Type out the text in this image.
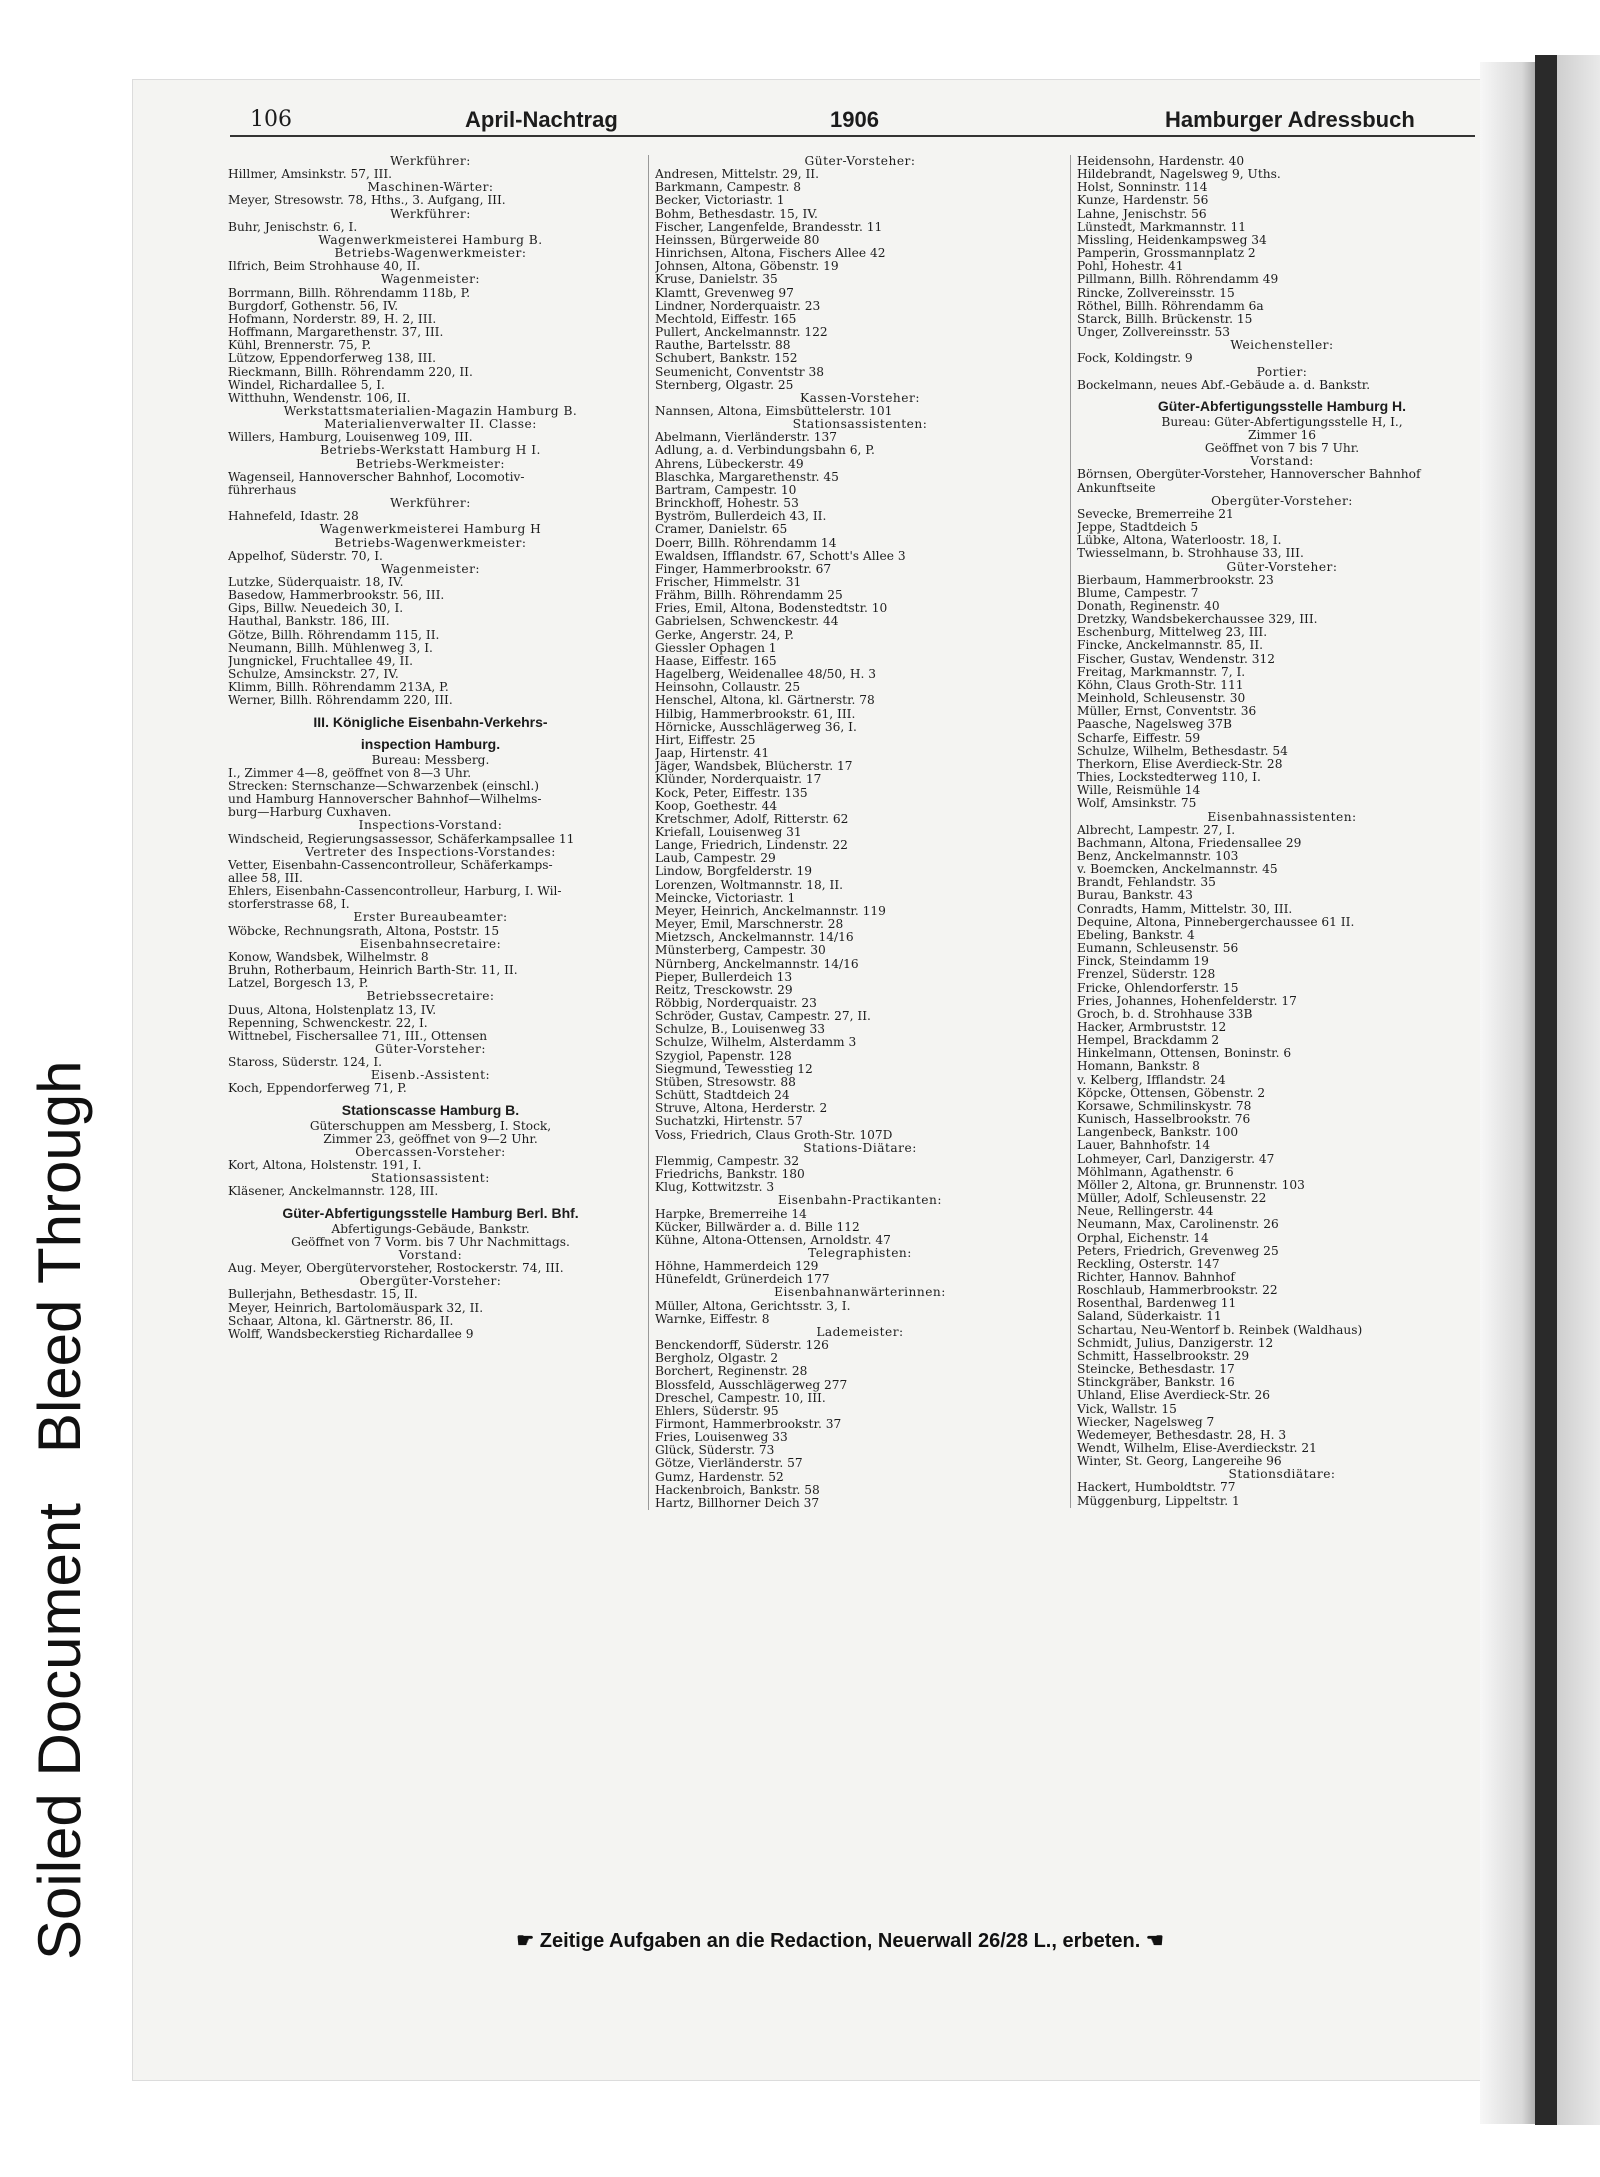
Soiled DocumentBleed Through
106	April-Nachtrag	1906	Hamburger Adressbuch
Werkführer:
Hillmer, Amsinkstr. 57, III.
Maschinen-Wärter:
Meyer, Stresowstr. 78, Hths., 3. Aufgang, III.
Werkführer:
Buhr, Jenischstr. 6, I.
Wagenwerkmeisterei Hamburg B.
Betriebs-Wagenwerkmeister:
Ilfrich, Beim Strohhause 40, II.
Wagenmeister:
Borrmann, Billh. Röhrendamm 118b, P.
Burgdorf, Gothenstr. 56, IV.
Hofmann, Norderstr. 89, H. 2, III.
Hoffmann, Margarethenstr. 37, III.
Kühl, Brennerstr. 75, P.
Lützow, Eppendorferweg 138, III.
Rieckmann, Billh. Röhrendamm 220, II.
Windel, Richardallee 5, I.
Witthuhn, Wendenstr. 106, II.
Werkstattsmaterialien-Magazin Hamburg B.
Materialienverwalter II. Classe:
Willers, Hamburg, Louisenweg 109, III.
Betriebs-Werkstatt Hamburg H I.
Betriebs-Werkmeister:
Wagenseil, Hannoverscher Bahnhof, Locomotiv-
führerhaus
Werkführer:
Hahnefeld, Idastr. 28
Wagenwerkmeisterei Hamburg H
Betriebs-Wagenwerkmeister:
Appelhof, Süderstr. 70, I.
Wagenmeister:
Lutzke, Süderquaistr. 18, IV.
Basedow, Hammerbrookstr. 56, III.
Gips, Billw. Neuedeich 30, I.
Hauthal, Bankstr. 186, III.
Götze, Billh. Röhrendamm 115, II.
Neumann, Billh. Mühlenweg 3, I.
Jungnickel, Fruchtallee 49, II.
Schulze, Amsinckstr. 27, IV.
Klimm, Billh. Röhrendamm 213A, P.
Werner, Billh. Röhrendamm 220, III.
III. Königliche Eisenbahn-Verkehrs-
inspection Hamburg.
Bureau: Messberg.
I., Zimmer 4—8, geöffnet von 8—3 Uhr.
Strecken: Sternschanze—Schwarzenbek (einschl.)
und Hamburg Hannoverscher Bahnhof—Wilhelms-
burg—Harburg Cuxhaven.
Inspections-Vorstand:
Windscheid, Regierungsassessor, Schäferkampsallee 11
Vertreter des Inspections-Vorstandes:
Vetter, Eisenbahn-Cassencontrolleur, Schäferkamps-
allee 58, III.
Ehlers, Eisenbahn-Cassencontrolleur, Harburg, I. Wil-
storferstrasse 68, I.
Erster Bureaubeamter:
Wöbcke, Rechnungsrath, Altona, Poststr. 15
Eisenbahnsecretaire:
Konow, Wandsbek, Wilhelmstr. 8
Bruhn, Rotherbaum, Heinrich Barth-Str. 11, II.
Latzel, Borgesch 13, P.
Betriebssecretaire:
Duus, Altona, Holstenplatz 13, IV.
Repenning, Schwenckestr. 22, I.
Wittnebel, Fischersallee 71, III., Ottensen
Güter-Vorsteher:
Staross, Süderstr. 124, I.
Eisenb.-Assistent:
Koch, Eppendorferweg 71, P.
Stationscasse Hamburg B.
Güterschuppen am Messberg, I. Stock,
Zimmer 23, geöffnet von 9—2 Uhr.
Obercassen-Vorsteher:
Kort, Altona, Holstenstr. 191, I.
Stationsassistent:
Kläsener, Anckelmannstr. 128, III.
Güter-Abfertigungsstelle Hamburg Berl. Bhf.
Abfertigungs-Gebäude, Bankstr.
Geöffnet von 7 Vorm. bis 7 Uhr Nachmittags.
Vorstand:
Aug. Meyer, Obergütervorsteher, Rostockerstr. 74, III.
Obergüter-Vorsteher:
Bullerjahn, Bethesdastr. 15, II.
Meyer, Heinrich, Bartolomäuspark 32, II.
Schaar, Altona, kl. Gärtnerstr. 86, II.
Wolff, Wandsbeckerstieg Richardallee 9
Güter-Vorsteher:
Andresen, Mittelstr. 29, II.
Barkmann, Campestr. 8
Becker, Victoriastr. 1
Bohm, Bethesdastr. 15, IV.
Fischer, Langenfelde, Brandesstr. 11
Heinssen, Bürgerweide 80
Hinrichsen, Altona, Fischers Allee 42
Johnsen, Altona, Göbenstr. 19
Kruse, Danielstr. 35
Klamtt, Grevenweg 97
Lindner, Norderquaistr. 23
Mechtold, Eiffestr. 165
Pullert, Anckelmannstr. 122
Rauthe, Bartelsstr. 88
Schubert, Bankstr. 152
Seumenicht, Conventstr 38
Sternberg, Olgastr. 25
Kassen-Vorsteher:
Nannsen, Altona, Eimsbüttelerstr. 101
Stationsassistenten:
Abelmann, Vierländerstr. 137
Adlung, a. d. Verbindungsbahn 6, P.
Ahrens, Lübeckerstr. 49
Blaschka, Margarethenstr. 45
Bartram, Campestr. 10
Brinckhoff, Hohestr. 53
Byström, Bullerdeich 43, II.
Cramer, Danielstr. 65
Doerr, Billh. Röhrendamm 14
Ewaldsen, Ifflandstr. 67, Schott's Allee 3
Finger, Hammerbrookstr. 67
Frischer, Himmelstr. 31
Frähm, Billh. Röhrendamm 25
Fries, Emil, Altona, Bodenstedtstr. 10
Gabrielsen, Schwenckestr. 44
Gerke, Angerstr. 24, P.
Giessler Ophagen 1
Haase, Eiffestr. 165
Hagelberg, Weidenallee 48/50, H. 3
Heinsohn, Collaustr. 25
Henschel, Altona, kl. Gärtnerstr. 78
Hilbig, Hammerbrookstr. 61, III.
Hörnicke, Ausschlägerweg 36, I.
Hirt, Eiffestr. 25
Jaap, Hirtenstr. 41
Jäger, Wandsbek, Blücherstr. 17
Klünder, Norderquaistr. 17
Kock, Peter, Eiffestr. 135
Koop, Goethestr. 44
Kretschmer, Adolf, Ritterstr. 62
Kriefall, Louisenweg 31
Lange, Friedrich, Lindenstr. 22
Laub, Campestr. 29
Lindow, Borgfelderstr. 19
Lorenzen, Woltmannstr. 18, II.
Meincke, Victoriastr. 1
Meyer, Heinrich, Anckelmannstr. 119
Meyer, Emil, Marschnerstr. 28
Mietzsch, Anckelmannstr. 14/16
Münsterberg, Campestr. 30
Nürnberg, Anckelmannstr. 14/16
Pieper, Bullerdeich 13
Reitz, Tresckowstr. 29
Röbbig, Norderquaistr. 23
Schröder, Gustav, Campestr. 27, II.
Schulze, B., Louisenweg 33
Schulze, Wilhelm, Alsterdamm 3
Szygiol, Papenstr. 128
Siegmund, Tewesstieg 12
Stüben, Stresowstr. 88
Schütt, Stadtdeich 24
Struve, Altona, Herderstr. 2
Suchatzki, Hirtenstr. 57
Voss, Friedrich, Claus Groth-Str. 107D
Stations-Diätare:
Flemmig, Campestr. 32
Friedrichs, Bankstr. 180
Klug, Kottwitzstr. 3
Eisenbahn-Practikanten:
Harpke, Bremerreihe 14
Kücker, Billwärder a. d. Bille 112
Kühne, Altona-Ottensen, Arnoldstr. 47
Telegraphisten:
Höhne, Hammerdeich 129
Hünefeldt, Grünerdeich 177
Eisenbahnanwärterinnen:
Müller, Altona, Gerichtsstr. 3, I.
Warnke, Eiffestr. 8
Lademeister:
Benckendorff, Süderstr. 126
Bergholz, Olgastr. 2
Borchert, Reginenstr. 28
Blossfeld, Ausschlägerweg 277
Dreschel, Campestr. 10, III.
Ehlers, Süderstr. 95
Firmont, Hammerbrookstr. 37
Fries, Louisenweg 33
Glück, Süderstr. 73
Götze, Vierländerstr. 57
Gumz, Hardenstr. 52
Hackenbroich, Bankstr. 58
Hartz, Billhorner Deich 37
Heidensohn, Hardenstr. 40
Hildebrandt, Nagelsweg 9, Uths.
Holst, Sonninstr. 114
Kunze, Hardenstr. 56
Lahne, Jenischstr. 56
Lünstedt, Markmannstr. 11
Missling, Heidenkampsweg 34
Pamperin, Grossmannplatz 2
Pohl, Hohestr. 41
Pillmann, Billh. Röhrendamm 49
Rincke, Zollvereinsstr. 15
Röthel, Billh. Röhrendamm 6a
Starck, Billh. Brückenstr. 15
Unger, Zollvereinsstr. 53
Weichensteller:
Fock, Koldingstr. 9
Portier:
Bockelmann, neues Abf.-Gebäude a. d. Bankstr.
Güter-Abfertigungsstelle Hamburg H.
Bureau: Güter-Abfertigungsstelle H, I.,
Zimmer 16
Geöffnet von 7 bis 7 Uhr.
Vorstand:
Börnsen, Obergüter-Vorsteher, Hannoverscher Bahnhof
Ankunftseite
Obergüter-Vorsteher:
Sevecke, Bremerreihe 21
Jeppe, Stadtdeich 5
Lübke, Altona, Waterloostr. 18, I.
Twiesselmann, b. Strohhause 33, III.
Güter-Vorsteher:
Bierbaum, Hammerbrookstr. 23
Blume, Campestr. 7
Donath, Reginenstr. 40
Dretzky, Wandsbekerchaussee 329, III.
Eschenburg, Mittelweg 23, III.
Fincke, Anckelmannstr. 85, II.
Fischer, Gustav, Wendenstr. 312
Freitag, Markmannstr. 7, I.
Köhn, Claus Groth-Str. 111
Meinhold, Schleusenstr. 30
Müller, Ernst, Conventstr. 36
Paasche, Nagelsweg 37B
Scharfe, Eiffestr. 59
Schulze, Wilhelm, Bethesdastr. 54
Therkorn, Elise Averdieck-Str. 28
Thies, Lockstedterweg 110, I.
Wille, Reismühle 14
Wolf, Amsinkstr. 75
Eisenbahnassistenten:
Albrecht, Lampestr. 27, I.
Bachmann, Altona, Friedensallee 29
Benz, Anckelmannstr. 103
v. Boemcken, Anckelmannstr. 45
Brandt, Fehlandstr. 35
Burau, Bankstr. 43
Conradts, Hamm, Mittelstr. 30, III.
Dequine, Altona, Pinnebergerchaussee 61 II.
Ebeling, Bankstr. 4
Eumann, Schleusenstr. 56
Finck, Steindamm 19
Frenzel, Süderstr. 128
Fricke, Ohlendorferstr. 15
Fries, Johannes, Hohenfelderstr. 17
Groch, b. d. Strohhause 33B
Hacker, Armbruststr. 12
Hempel, Brackdamm 2
Hinkelmann, Ottensen, Boninstr. 6
Homann, Bankstr. 8
v. Kelberg, Ifflandstr. 24
Köpcke, Ottensen, Göbenstr. 2
Korsawe, Schmilinskystr. 78
Kunisch, Hasselbrookstr. 76
Langenbeck, Bankstr. 100
Lauer, Bahnhofstr. 14
Lohmeyer, Carl, Danzigerstr. 47
Möhlmann, Agathenstr. 6
Möller 2, Altona, gr. Brunnenstr. 103
Müller, Adolf, Schleusenstr. 22
Neue, Rellingerstr. 44
Neumann, Max, Carolinenstr. 26
Orphal, Eichenstr. 14
Peters, Friedrich, Grevenweg 25
Reckling, Osterstr. 147
Richter, Hannov. Bahnhof
Roschlaub, Hammerbrookstr. 22
Rosenthal, Bardenweg 11
Saland, Süderkaistr. 11
Schartau, Neu-Wentorf b. Reinbek (Waldhaus)
Schmidt, Julius, Danzigerstr. 12
Schmitt, Hasselbrookstr. 29
Steincke, Bethesdastr. 17
Stinckgräber, Bankstr. 16
Uhland, Elise Averdieck-Str. 26
Vick, Wallstr. 15
Wiecker, Nagelsweg 7
Wedemeyer, Bethesdastr. 28, H. 3
Wendt, Wilhelm, Elise-Averdieckstr. 21
Winter, St. Georg, Langereihe 96
Stationsdiätare:
Hackert, Humboldtstr. 77
Müggenburg, Lippeltstr. 1
☛ Zeitige Aufgaben an die Redaction, Neuerwall 26/28 L., erbeten. ☚
